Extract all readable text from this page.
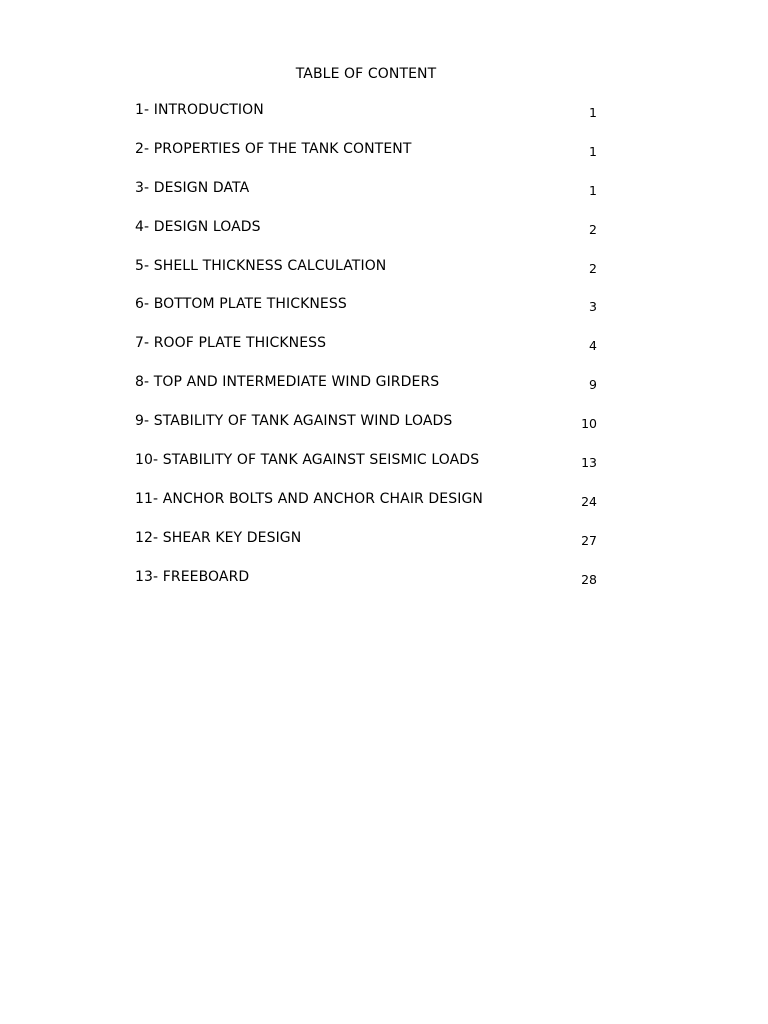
TABLE OF CONTENT
1- INTRODUCTION	1
2- PROPERTIES OF THE TANK CONTENT	1
3- DESIGN DATA	1
4- DESIGN LOADS	2
5- SHELL THICKNESS CALCULATION	2
6- BOTTOM PLATE THICKNESS	3
7- ROOF PLATE THICKNESS	4
8- TOP AND INTERMEDIATE WIND GIRDERS	9
9- STABILITY OF TANK AGAINST WIND LOADS	10
10- STABILITY OF TANK AGAINST SEISMIC LOADS	13
11- ANCHOR BOLTS AND ANCHOR CHAIR DESIGN	24
12- SHEAR KEY DESIGN	27
13- FREEBOARD	28
